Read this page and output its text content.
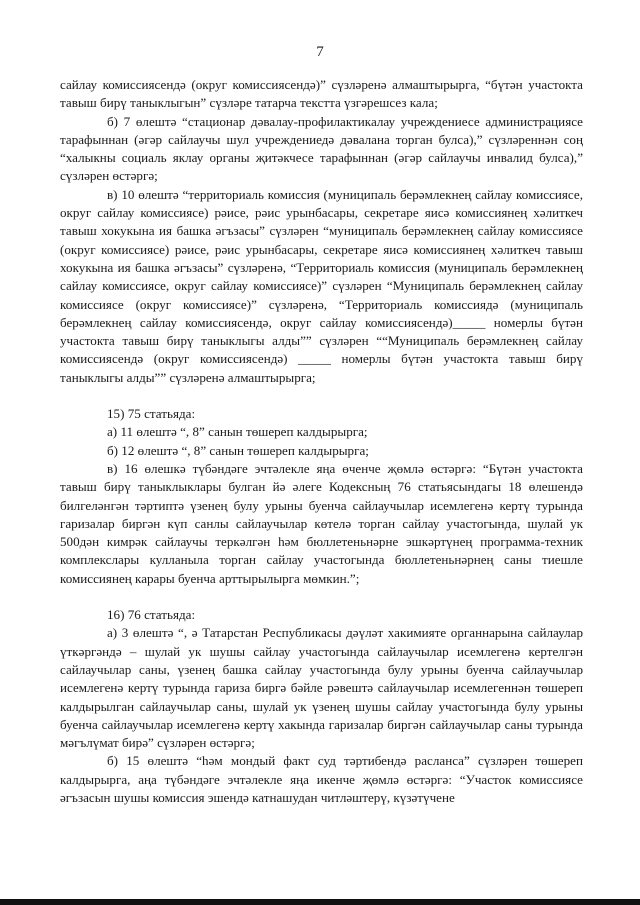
7

сайлау комиссиясендә (округ комиссиясендә)” сүзләренә алмаштырырга, “бүтән участокта тавыш бирү таныклыгын” сүзләре татарча текстта үзгәрешсез кала;

б) 7 өлештә “стационар дәвалау-профилактикалау учреждениесе администрациясе тарафыннан (әгәр сайлаучы шул учреждениедә дәвалана торган булса),” сүзләреннән соң “халыкны социаль яклау органы җитәкчесе тарафыннан (әгәр сайлаучы инвалид булса),” сүзләрен өстәргә;

в) 10 өлештә “территориаль комиссия (муниципаль берәмлекнең сайлау комиссиясе, округ сайлау комиссиясе) рәисе, рәис урынбасары, секретаре яисә комиссиянең хәлиткеч тавыш хокукына ия башка әгъзасы” сүзләрен “муниципаль берәмлекнең сайлау комиссиясе (округ комиссиясе) рәисе, рәис урынбасары, секретаре яисә комиссиянең хәлиткеч тавыш хокукына ия башка әгъзасы” сүзләренә, “Территориаль комиссия (муниципаль берәмлекнең сайлау комиссиясе, округ сайлау комиссиясе)” сүзләрен “Муниципаль берәмлекнең сайлау комиссиясе (округ комиссиясе)” сүзләренә, “Территориаль комиссиядә (муниципаль берәмлекнең сайлау комиссиясендә, округ сайлау комиссиясендә)_____ номерлы бүтән участокта тавыш бирү таныклыгы алды”” сүзләрен ““Муниципаль берәмлекнең сайлау комиссиясендә (округ комиссиясендә) _____ номерлы бүтән участокта тавыш бирү таныклыгы алды”” сүзләренә алмаштырырга;

15) 75 статьяда:

а) 11 өлештә “, 8” санын төшереп калдырырга;

б) 12 өлештә “, 8” санын төшереп калдырырга;

в) 16 өлешкә түбәндәге эчтәлекле яңа өченче җөмлә өстәргә: “Бүтән участокта тавыш бирү таныклыклары булган йә әлеге Кодексның 76 статьясындагы 18 өлешендә билгеләнгән тәртиптә үзенең булу урыны буенча сайлаучылар исемлегенә кертү турында гаризалар биргән күп санлы сайлаучылар көтелә торган сайлау участогында, шулай ук 500дән кимрәк сайлаучы теркәлгән һәм бюллетеньнәрне эшкәртүнең программа-техник комплекслары кулланыла торган сайлау участогында бюллетеньнәрнең саны тиешле комиссиянең карары буенча арттырылырга мөмкин.”;

16) 76 статьяда:

а) 3 өлештә “, ә Татарстан Республикасы дәүләт хакимияте органнарына сайлаулар үткәргәндә – шулай ук шушы сайлау участогында сайлаучылар исемлегенә кертелгән сайлаучылар саны, үзенең башка сайлау участогында булу урыны буенча сайлаучылар исемлегенә кертү турында гариза биргә бәйле рәвештә сайлаучылар исемлегеннән төшереп калдырылган сайлаучылар саны, шулай ук үзенең шушы сайлау участогында булу урыны буенча сайлаучылар исемлегенә кертү хакында гаризалар биргән сайлаучылар саны турында мәгълүмат бирә” сүзләрен өстәргә;

б) 15 өлештә “һәм мондый факт суд тәртибендә расланса” сүзләрен төшереп калдырырга, аңа түбәндәге эчтәлекле яңа икенче җөмлә өстәргә: “Участок комиссиясе әгъзасын шушы комиссия эшендә катнашудан читләштерү, күзәтүчене
